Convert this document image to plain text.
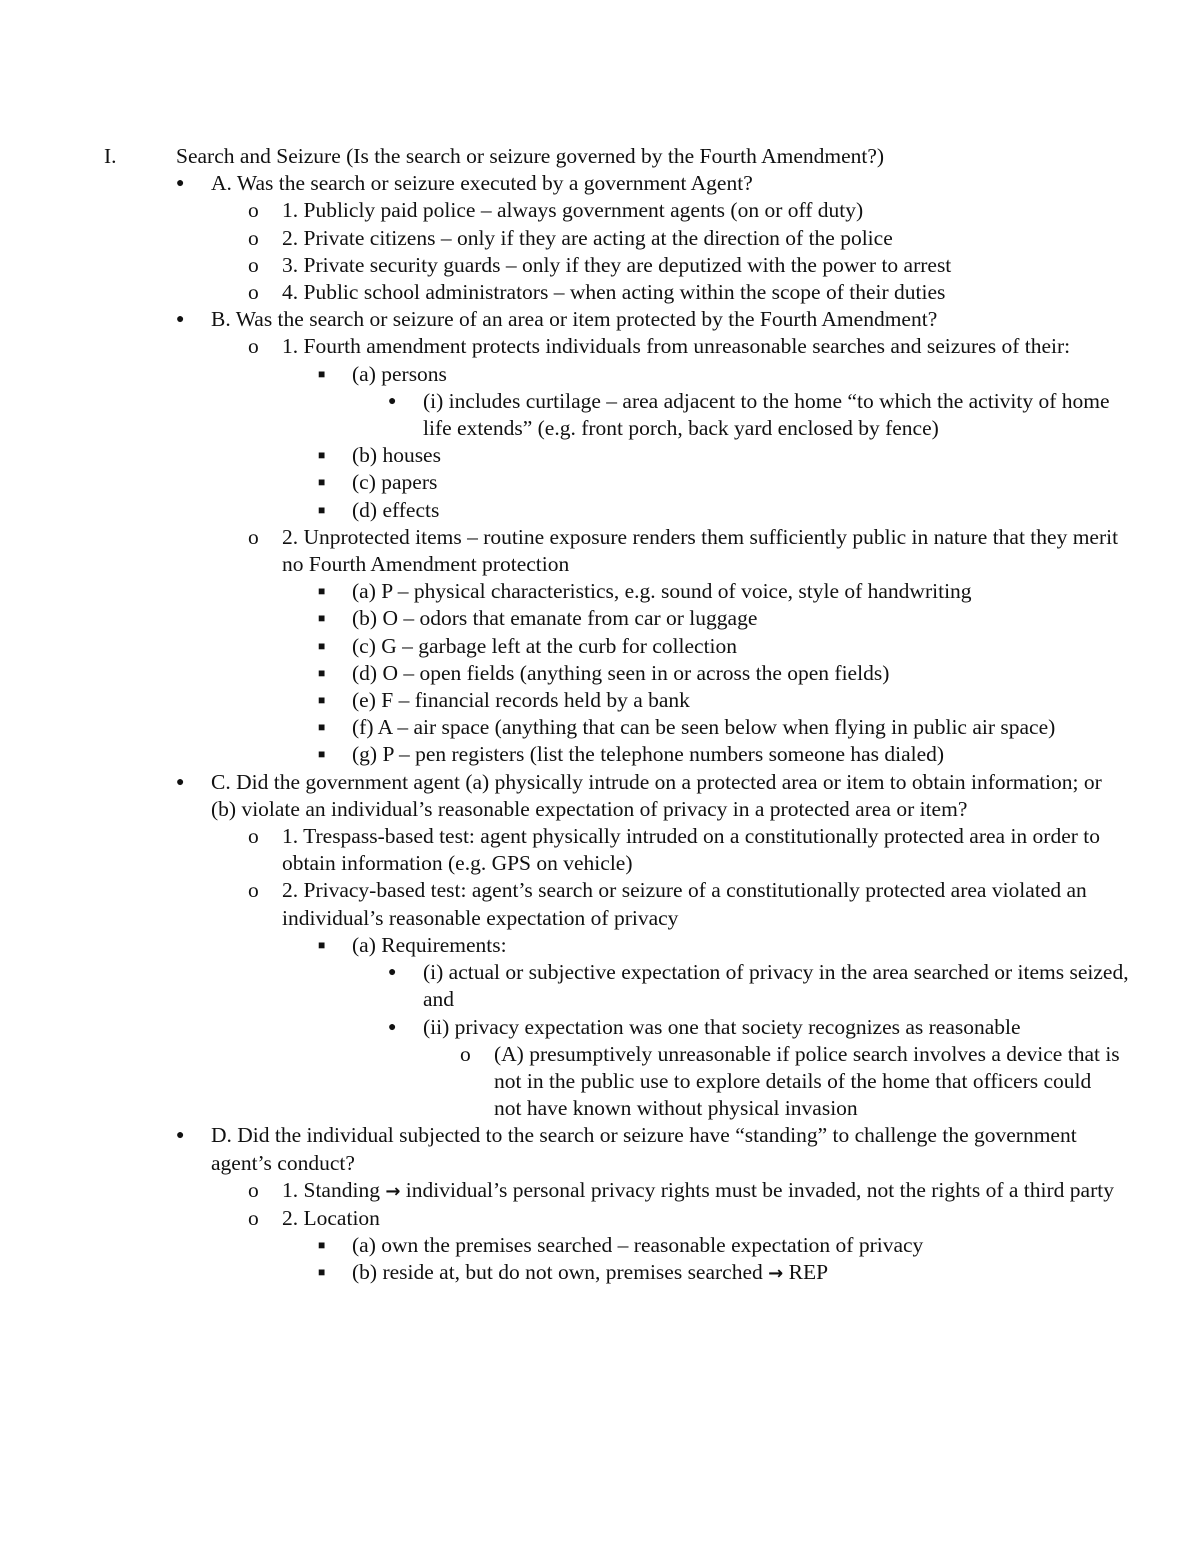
I.	Search and Seizure (Is the search or seizure governed by the Fourth Amendment?)
● A. Was the search or seizure executed by a government Agent?
o 1. Publicly paid police – always government agents (on or off duty)
o 2. Private citizens – only if they are acting at the direction of the police
o 3. Private security guards – only if they are deputized with the power to arrest
o 4. Public school administrators – when acting within the scope of their duties
● B. Was the search or seizure of an area or item protected by the Fourth Amendment?
o 1. Fourth amendment protects individuals from unreasonable searches and seizures of their:
■ (a) persons
● (i) includes curtilage – area adjacent to the home “to which the activity of home life extends” (e.g. front porch, back yard enclosed by fence)
■ (b) houses
■ (c) papers
■ (d) effects
o 2. Unprotected items – routine exposure renders them sufficiently public in nature that they merit no Fourth Amendment protection
■ (a) P – physical characteristics, e.g. sound of voice, style of handwriting
■ (b) O – odors that emanate from car or luggage
■ (c) G – garbage left at the curb for collection
■ (d) O – open fields (anything seen in or across the open fields)
■ (e) F – financial records held by a bank
■ (f) A – air space (anything that can be seen below when flying in public air space)
■ (g) P – pen registers (list the telephone numbers someone has dialed)
● C. Did the government agent (a) physically intrude on a protected area or item to obtain information; or (b) violate an individual’s reasonable expectation of privacy in a protected area or item?
o 1. Trespass-based test: agent physically intruded on a constitutionally protected area in order to obtain information (e.g. GPS on vehicle)
o 2. Privacy-based test: agent’s search or seizure of a constitutionally protected area violated an individual’s reasonable expectation of privacy
■ (a) Requirements:
● (i) actual or subjective expectation of privacy in the area searched or items seized, and
● (ii) privacy expectation was one that society recognizes as reasonable
o (A) presumptively unreasonable if police search involves a device that is not in the public use to explore details of the home that officers could not have known without physical invasion
● D. Did the individual subjected to the search or seizure have “standing” to challenge the government agent’s conduct?
o 1. Standing → individual’s personal privacy rights must be invaded, not the rights of a third party
o 2. Location
■ (a) own the premises searched – reasonable expectation of privacy
■ (b) reside at, but do not own, premises searched → REP
